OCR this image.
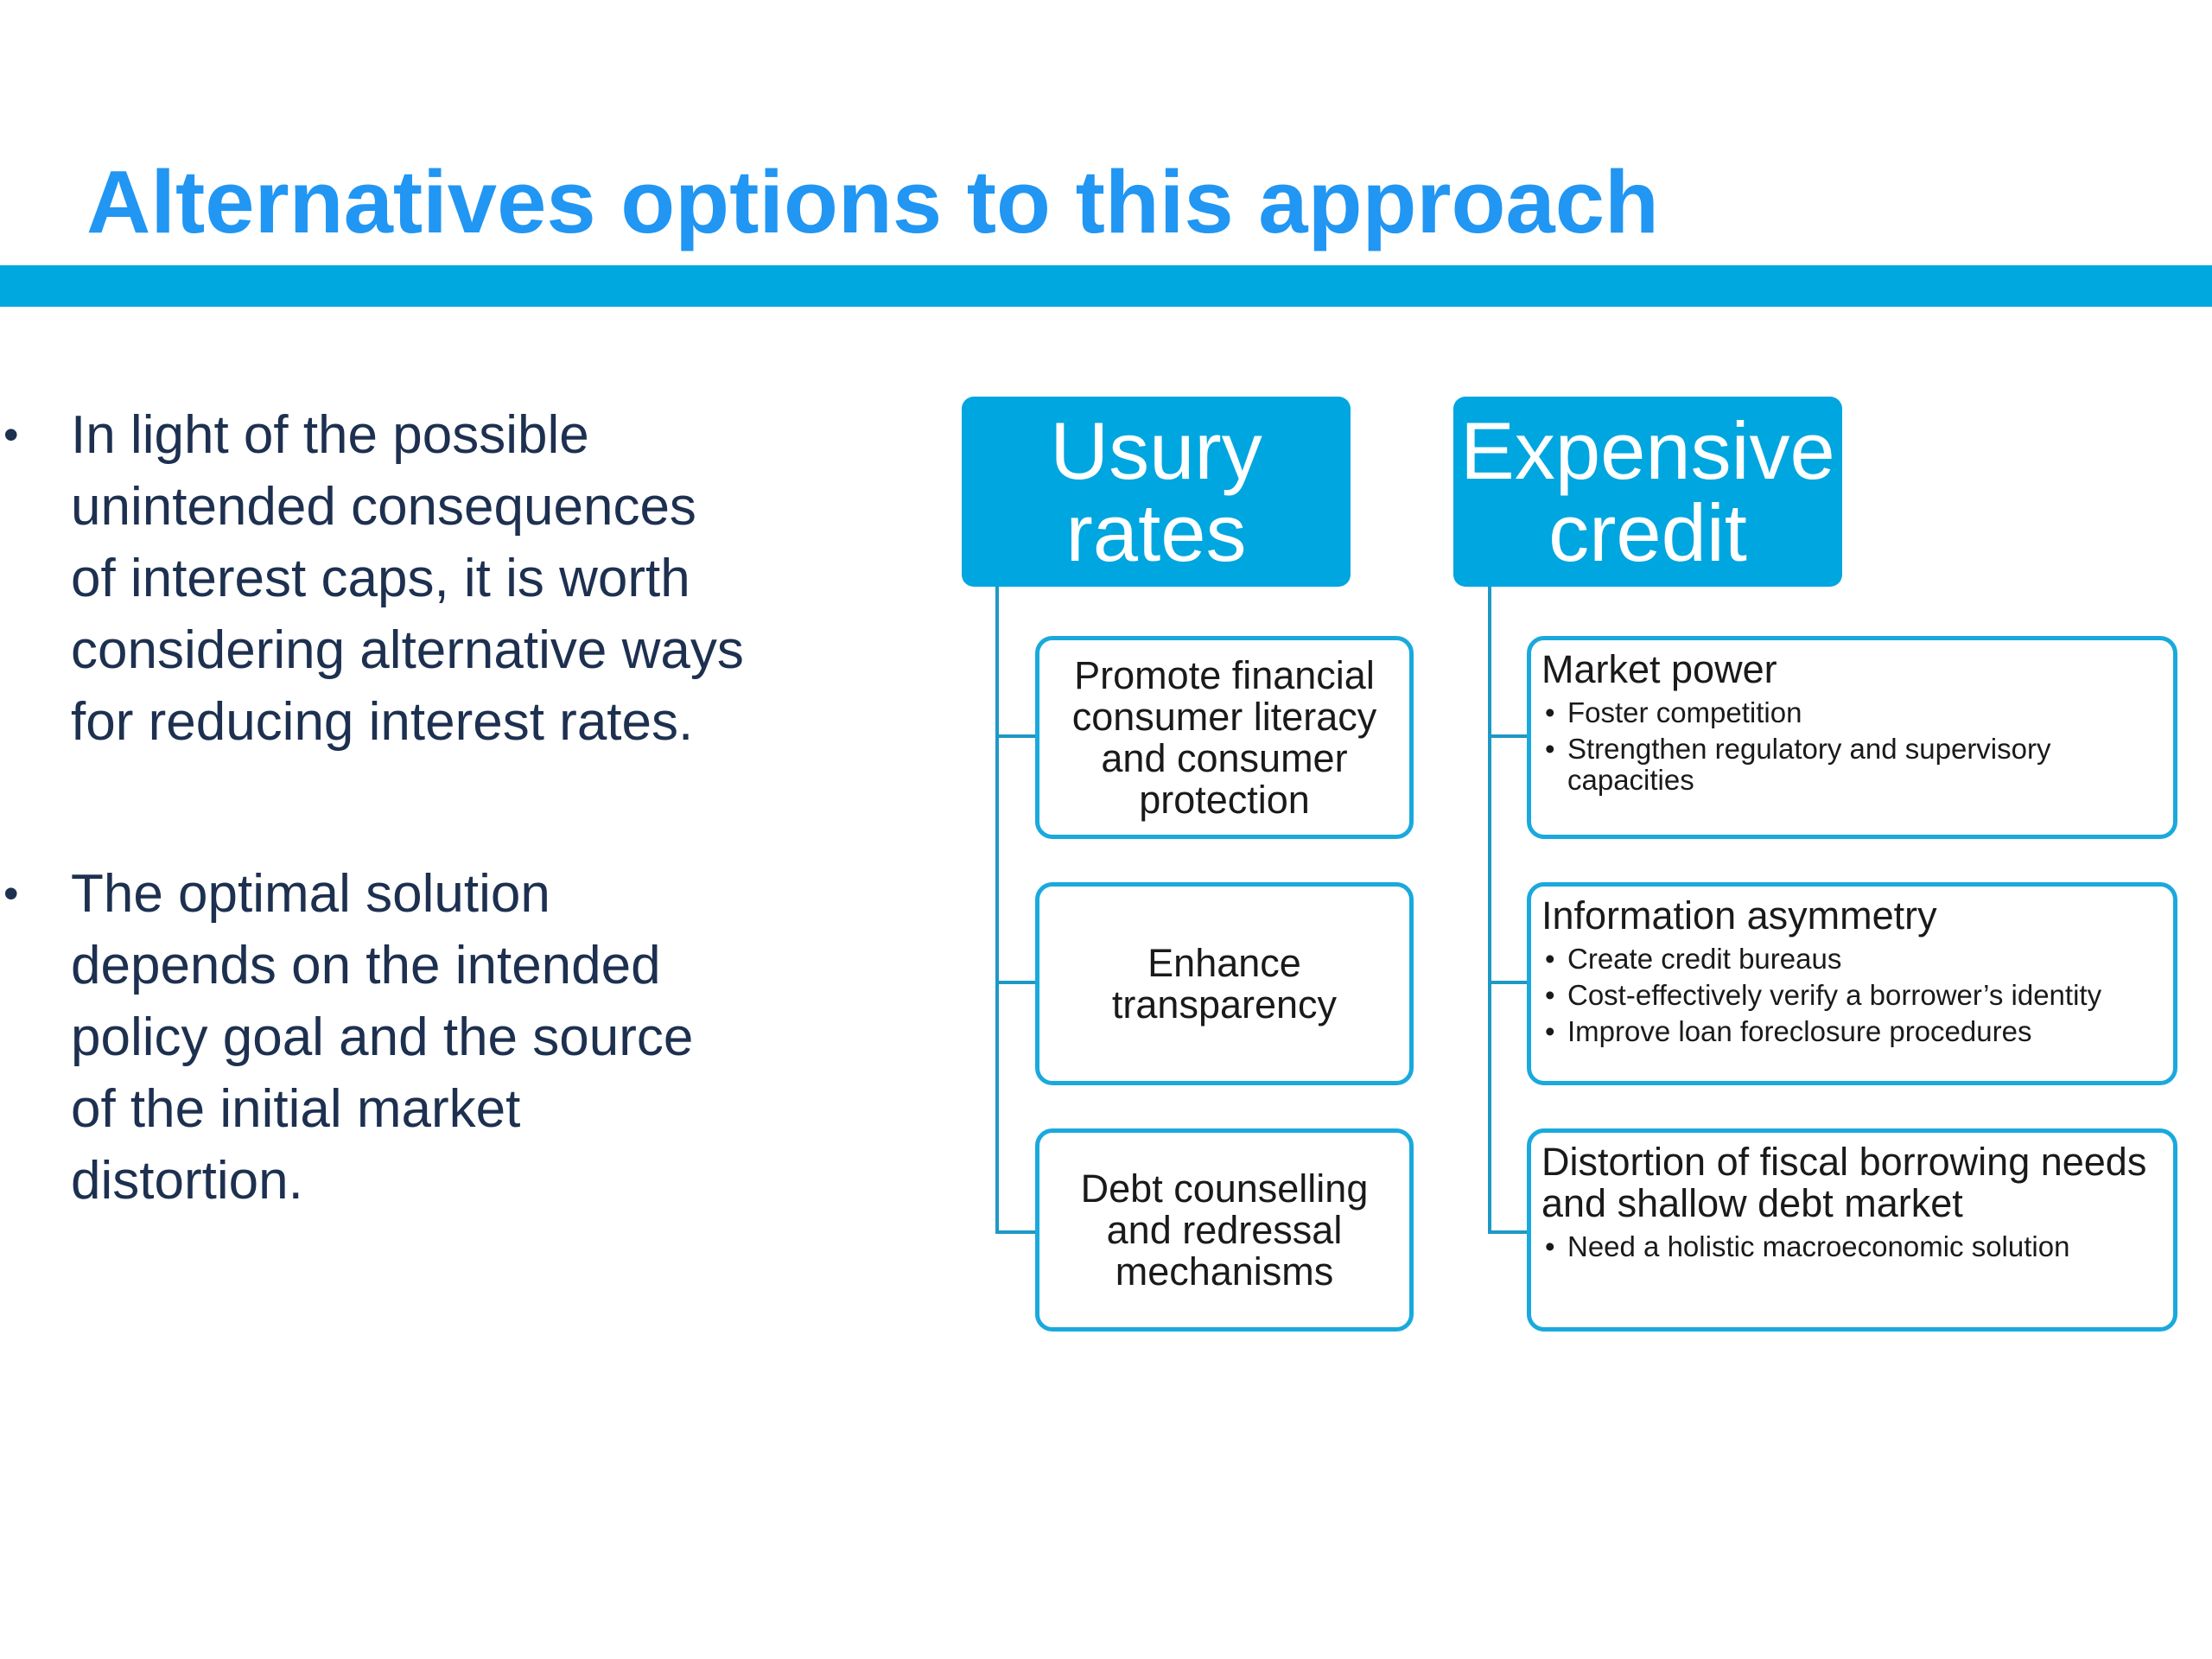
Alternatives options to this approach
• In light of the possible
unintended consequences
of interest caps, it is worth
considering alternative ways
for reducing interest rates.
• The optimal solution
depends on the intended
policy goal and the source
of the initial market
distortion.
Usury
rates
Promote financial
consumer literacy
and consumer
protection
Enhance
transparency
Debt counselling
and redressal
mechanisms
Expensive
credit
Market power
• Foster competition
• Strengthen regulatory and supervisory capacities
Information asymmetry
• Create credit bureaus
• Cost-effectively verify a borrower’s identity
• Improve loan foreclosure procedures
Distortion of fiscal borrowing needs
and shallow debt market
• Need a holistic macroeconomic solution
